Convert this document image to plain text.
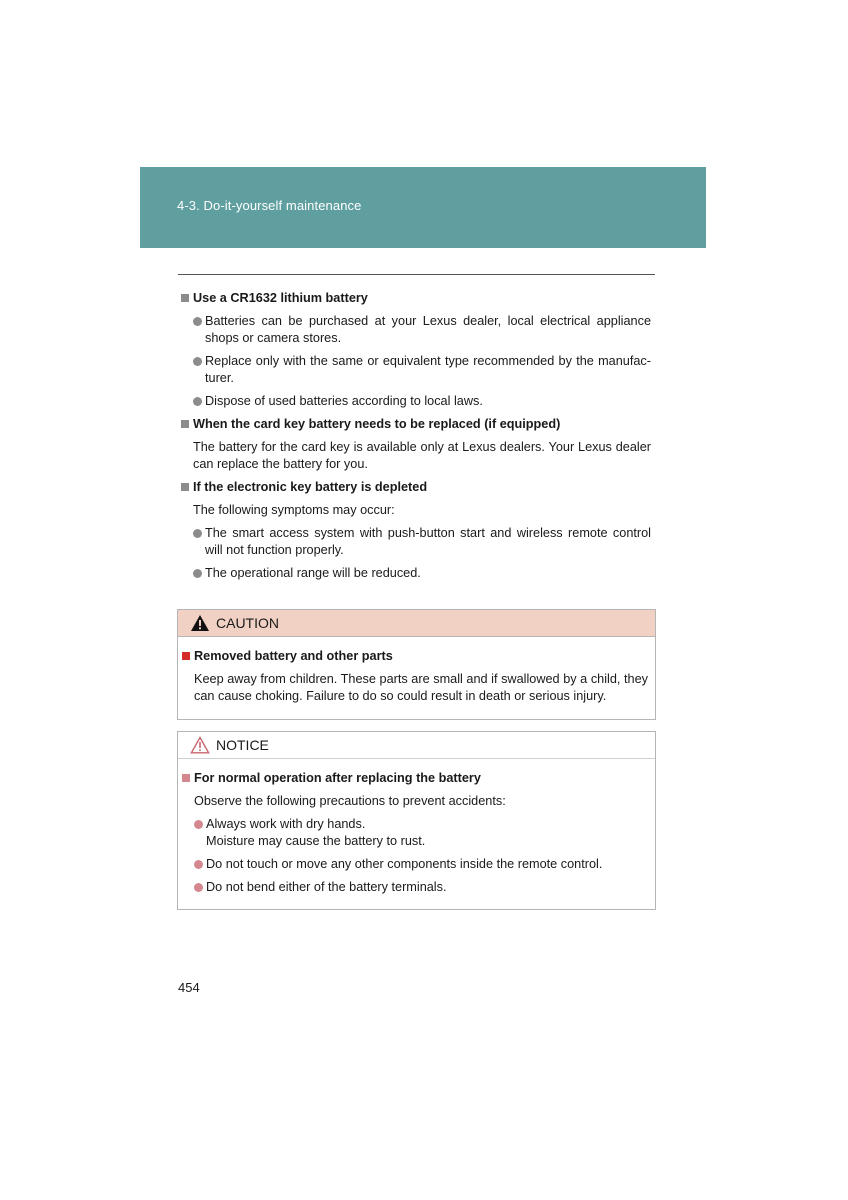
4-3. Do-it-yourself maintenance
Use a CR1632 lithium battery
Batteries can be purchased at your Lexus dealer, local electrical appliance shops or camera stores.
Replace only with the same or equivalent type recommended by the manufac-turer.
Dispose of used batteries according to local laws.
When the card key battery needs to be replaced (if equipped)
The battery for the card key is available only at Lexus dealers. Your Lexus dealer can replace the battery for you.
If the electronic key battery is depleted
The following symptoms may occur:
The smart access system with push-button start and wireless remote control will not function properly.
The operational range will be reduced.
CAUTION
Removed battery and other parts
Keep away from children. These parts are small and if swallowed by a child, they can cause choking. Failure to do so could result in death or serious injury.
NOTICE
For normal operation after replacing the battery
Observe the following precautions to prevent accidents:
Always work with dry hands.
Moisture may cause the battery to rust.
Do not touch or move any other components inside the remote control.
Do not bend either of the battery terminals.
454
